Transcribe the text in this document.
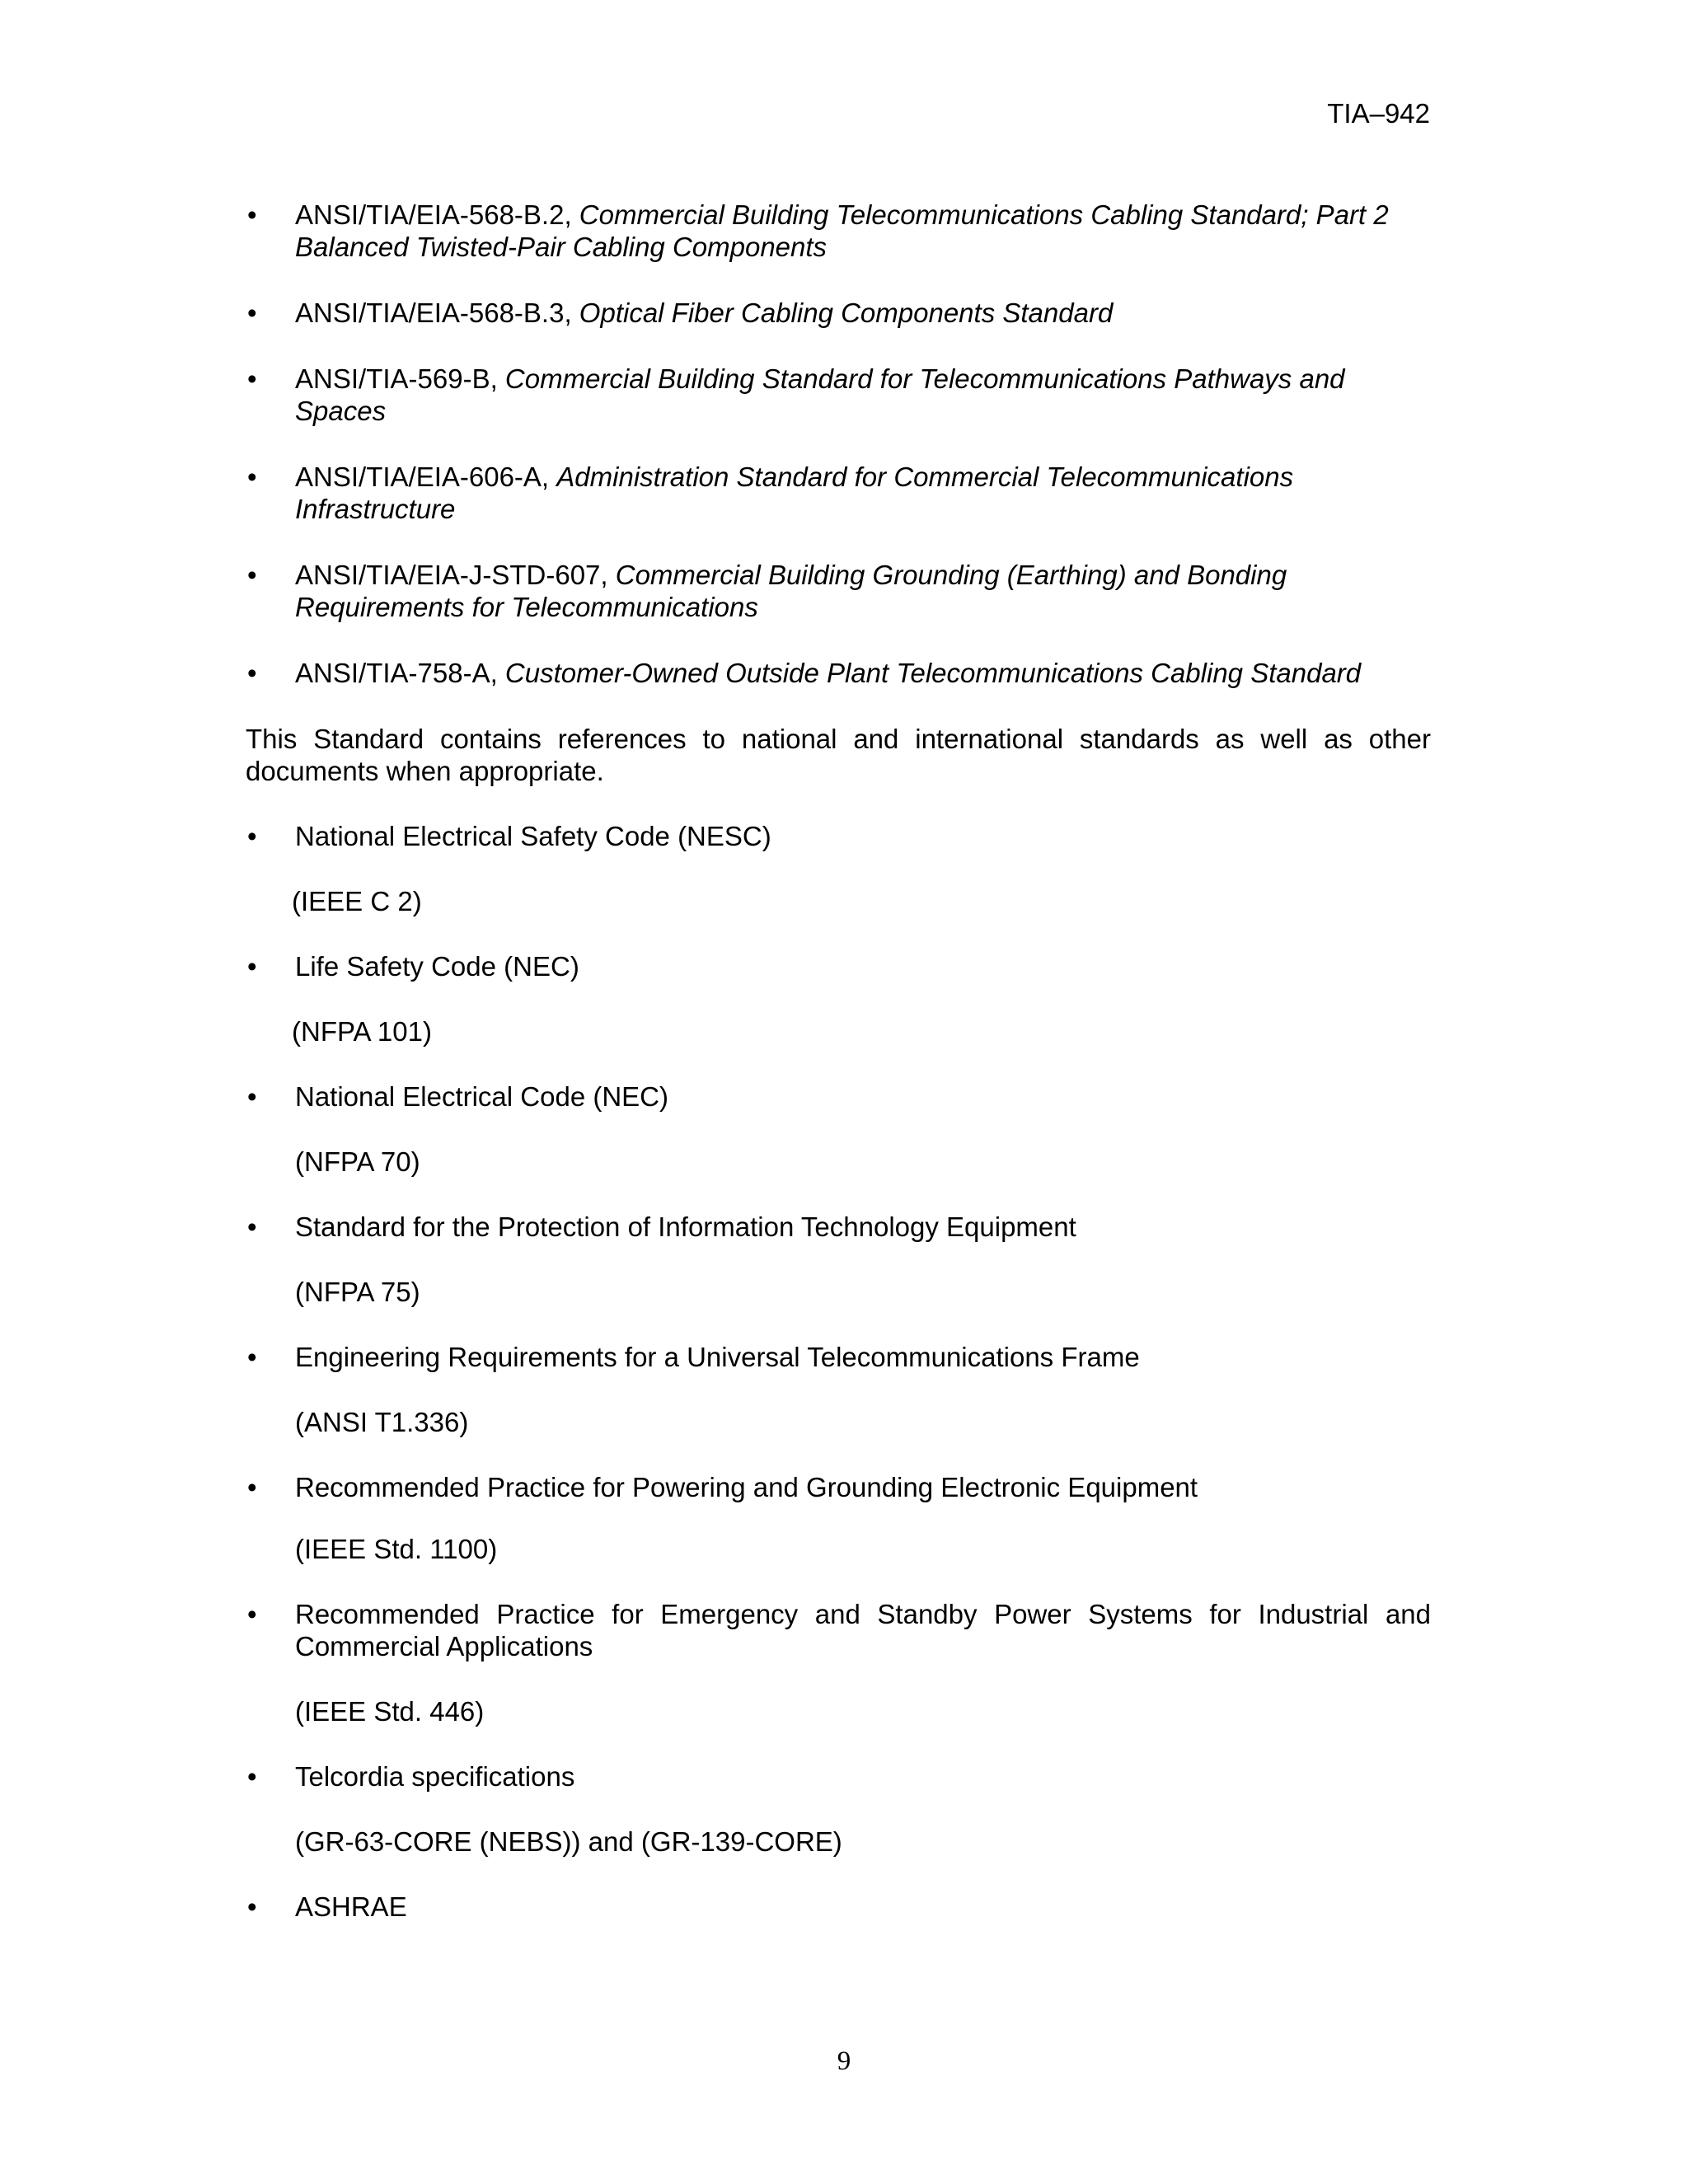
TIA–942
• ANSI/TIA/EIA-568-B.2, Commercial Building Telecommunications Cabling Standard; Part 2 Balanced Twisted-Pair Cabling Components
• ANSI/TIA/EIA-568-B.3, Optical Fiber Cabling Components Standard
• ANSI/TIA-569-B, Commercial Building Standard for Telecommunications Pathways and Spaces
• ANSI/TIA/EIA-606-A, Administration Standard for Commercial Telecommunications Infrastructure
• ANSI/TIA/EIA-J-STD-607, Commercial Building Grounding (Earthing) and Bonding Requirements for Telecommunications
• ANSI/TIA-758-A, Customer-Owned Outside Plant Telecommunications Cabling Standard
This Standard contains references to national and international standards as well as other documents when appropriate.
• National Electrical Safety Code (NESC)
(IEEE C 2)
• Life Safety Code (NEC)
(NFPA 101)
• National Electrical Code (NEC)
(NFPA 70)
• Standard for the Protection of Information Technology Equipment
(NFPA 75)
• Engineering Requirements for a Universal Telecommunications Frame
(ANSI T1.336)
• Recommended Practice for Powering and Grounding Electronic Equipment
(IEEE Std. 1100)
• Recommended Practice for Emergency and Standby Power Systems for Industrial and Commercial Applications
(IEEE Std. 446)
• Telcordia specifications
(GR-63-CORE (NEBS)) and (GR-139-CORE)
• ASHRAE
9
